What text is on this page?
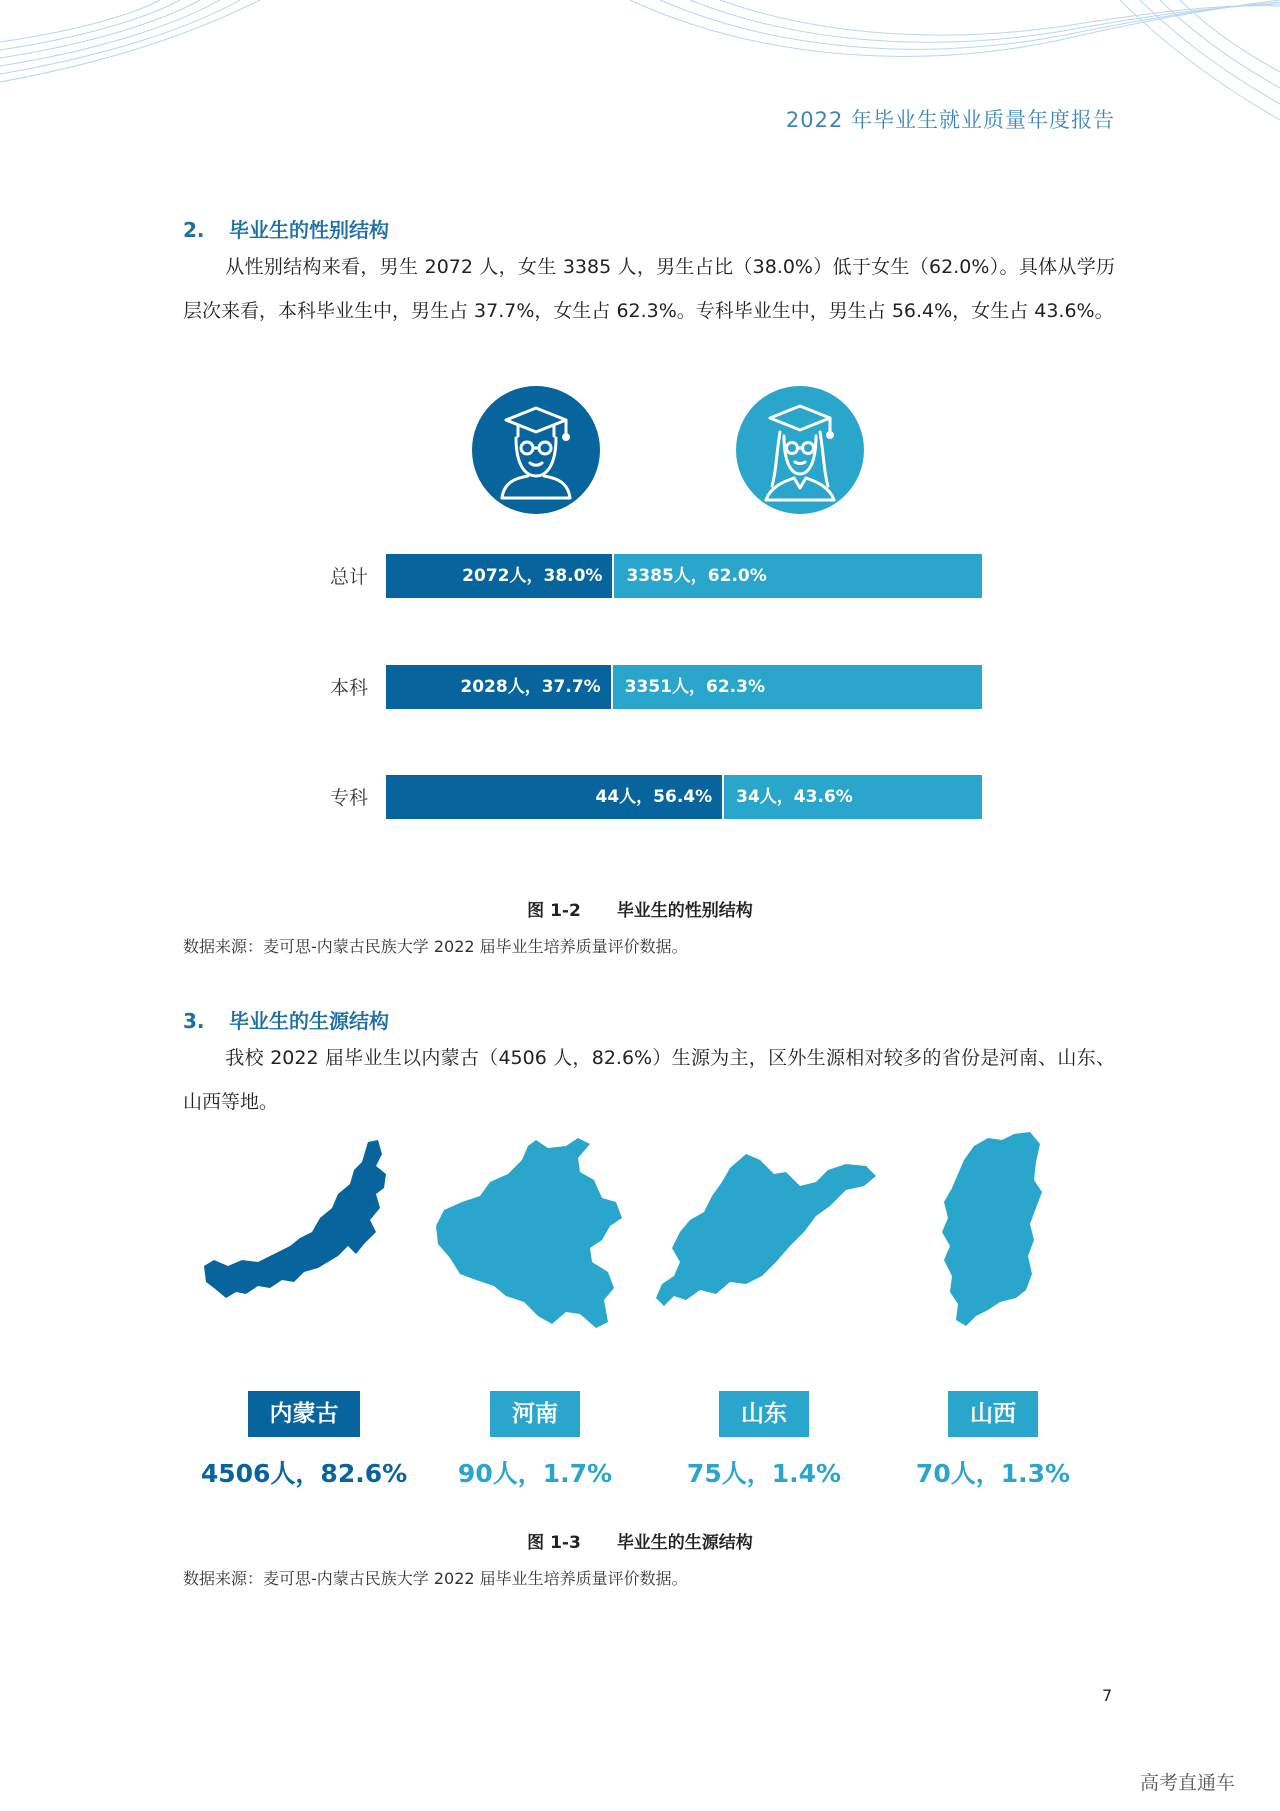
2022 年毕业生就业质量年度报告
2. 毕业生的性别结构
从性别结构来看，男生 2072 人，女生 3385 人，男生占比（38.0%）低于女生（62.0%）。具体从学历层次来看，本科毕业生中，男生占 37.7%，女生占 62.3%。专科毕业生中，男生占 56.4%，女生占 43.6%。
总计	2072人，38.0%	3385人，62.0%
本科	2028人，37.7%	3351人，62.3%
专科	44人，56.4%	34人，43.6%
图 1-2 毕业生的性别结构
数据来源：麦可思-内蒙古民族大学 2022 届毕业生培养质量评价数据。
3. 毕业生的生源结构
我校 2022 届毕业生以内蒙古（4506 人，82.6%）生源为主，区外生源相对较多的省份是河南、山东、山西等地。
内蒙古
4506人，82.6%
河南
90人，1.7%
山东
75人，1.4%
山西
70人，1.3%
图 1-3 毕业生的生源结构
数据来源：麦可思-内蒙古民族大学 2022 届毕业生培养质量评价数据。
7
高考直通车
